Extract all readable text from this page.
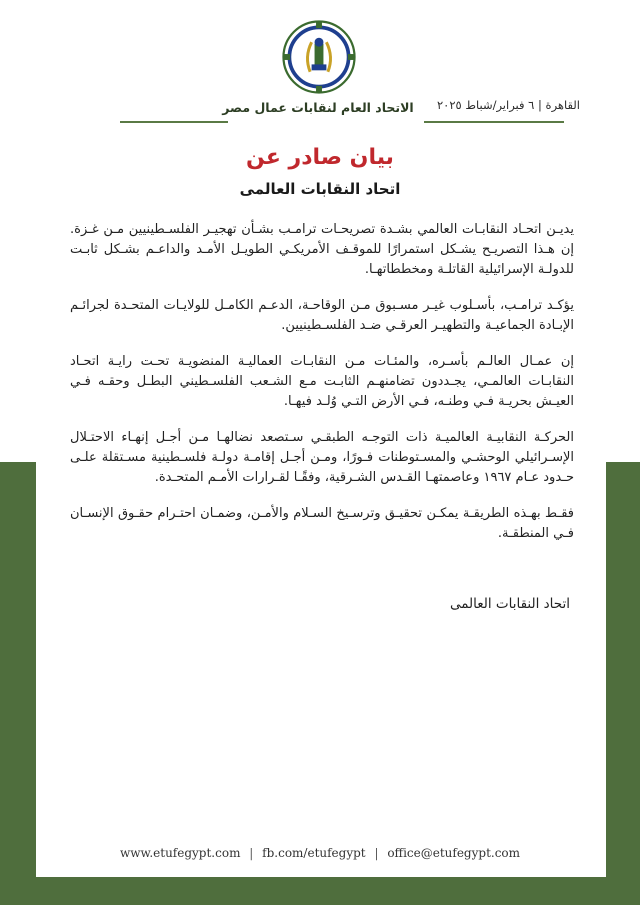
الاتحاد العام لنقابات عمال مصر	القاهرة | ٦ فبراير/شباط ٢٠٢٥
بيان صادر عن
اتحاد النقابات العالمى

يديـن اتحـاد النقابـات العالمي بشـدة تصريحـات ترامـب بشـأن تهجيـر الفلسـطينيين مـن غـزة. إن هـذا التصريـح يشـكل استمرارًا للموقـف الأمريكـي الطويـل الأمـد والداعـم بشـكل ثابـت للدولـة الإسرائيلية القاتلـة ومخططاتهـا.

يؤكـد ترامـب، بأسـلوب غيـر مسـبوق مـن الوقاحـة، الدعـم الكامـل للولايـات المتحـدة لجرائـم الإبـادة الجماعيـة والتطهيـر العرقـي ضـد الفلسـطينيين.

إن عمـال العالـم بأسـره، والمئـات مـن النقابـات العماليـة المنضويـة تحـت رايـة اتحـاد النقابـات العالمـي، يجـددون تضامنهـم الثابـت مـع الشـعب الفلسـطيني البطـل وحقـه فـي العيـش بحريـة فـي وطنـه، فـي الأرض التـي وُلـد فيهـا.

الحركـة النقابيـة العالميـة ذات التوجـه الطبقـي سـتصعد نضالهـا مـن أجـل إنهـاء الاحتـلال الإسـرائيلي الوحشـي والمسـتوطنات فـورًا، ومـن أجـل إقامـة دولـة فلسـطينية مسـتقلة علـى حـدود عـام ١٩٦٧ وعاصمتهـا القـدس الشـرقية، وفقًـا لقـرارات الأمـم المتحـدة.

فقـط بهـذه الطريقـة يمكـن تحقيـق وترسـيخ السـلام والأمـن، وضمـان احتـرام حقـوق الإنسـان فـي المنطقـة.

اتحاد النقابات العالمى
www.etufegypt.com | fb.com/etufegypt | office@etufegypt.com
